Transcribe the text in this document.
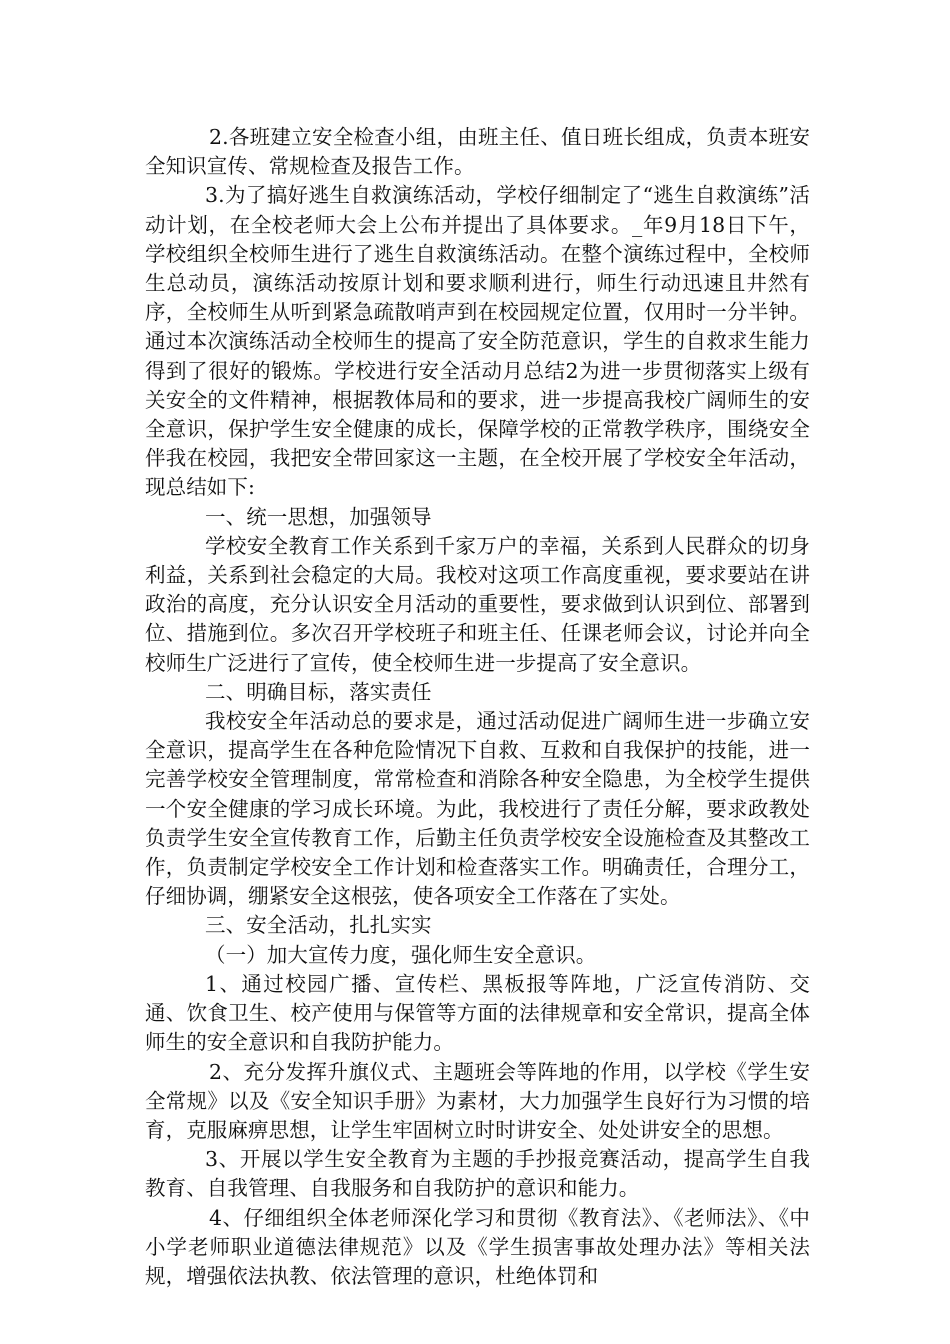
2.各班建立安全检查小组，由班主任、值日班长组成，负责本班安全知识宣传、常规检查及报告工作。

3.为了搞好逃生自救演练活动，学校仔细制定了“逃生自救演练”活动计划，在全校老师大会上公布并提出了具体要求。_年9月18日下午，学校组织全校师生进行了逃生自救演练活动。在整个演练过程中，全校师生总动员，演练活动按原计划和要求顺利进行，师生行动迅速且井然有序，全校师生从听到紧急疏散哨声到在校园规定位置，仅用时一分半钟。通过本次演练活动全校师生的提高了安全防范意识，学生的自救求生能力得到了很好的锻炼。学校进行安全活动月总结2为进一步贯彻落实上级有关安全的文件精神，根据教体局和的要求，进一步提高我校广阔师生的安全意识，保护学生安全健康的成长，保障学校的正常教学秩序，围绕安全伴我在校园，我把安全带回家这一主题，在全校开展了学校安全年活动，现总结如下:

一、统一思想，加强领导

学校安全教育工作关系到千家万户的幸福，关系到人民群众的切身利益，关系到社会稳定的大局。我校对这项工作高度重视，要求要站在讲政治的高度，充分认识安全月活动的重要性，要求做到认识到位、部署到位、措施到位。多次召开学校班子和班主任、任课老师会议，讨论并向全校师生广泛进行了宣传，使全校师生进一步提高了安全意识。

二、明确目标，落实责任

我校安全年活动总的要求是，通过活动促进广阔师生进一步确立安全意识，提高学生在各种危险情况下自救、互救和自我保护的技能，进一完善学校安全管理制度，常常检查和消除各种安全隐患，为全校学生提供一个安全健康的学习成长环境。为此，我校进行了责任分解，要求政教处负责学生安全宣传教育工作，后勤主任负责学校安全设施检查及其整改工作，负责制定学校安全工作计划和检查落实工作。明确责任，合理分工，仔细协调，绷紧安全这根弦，使各项安全工作落在了实处。

三、安全活动，扎扎实实

（一）加大宣传力度，强化师生安全意识。

1、通过校园广播、宣传栏、黑板报等阵地，广泛宣传消防、交通、饮食卫生、校产使用与保管等方面的法律规章和安全常识，提高全体师生的安全意识和自我防护能力。

2、充分发挥升旗仪式、主题班会等阵地的作用，以学校《学生安全常规》以及《安全知识手册》为素材，大力加强学生良好行为习惯的培育，克服麻痹思想，让学生牢固树立时时讲安全、处处讲安全的思想。

3、开展以学生安全教育为主题的手抄报竞赛活动，提高学生自我教育、自我管理、自我服务和自我防护的意识和能力。

4、仔细组织全体老师深化学习和贯彻《教育法》、《老师法》、《中小学老师职业道德法律规范》以及《学生损害事故处理办法》等相关法规，增强依法执教、依法管理的意识，杜绝体罚和
